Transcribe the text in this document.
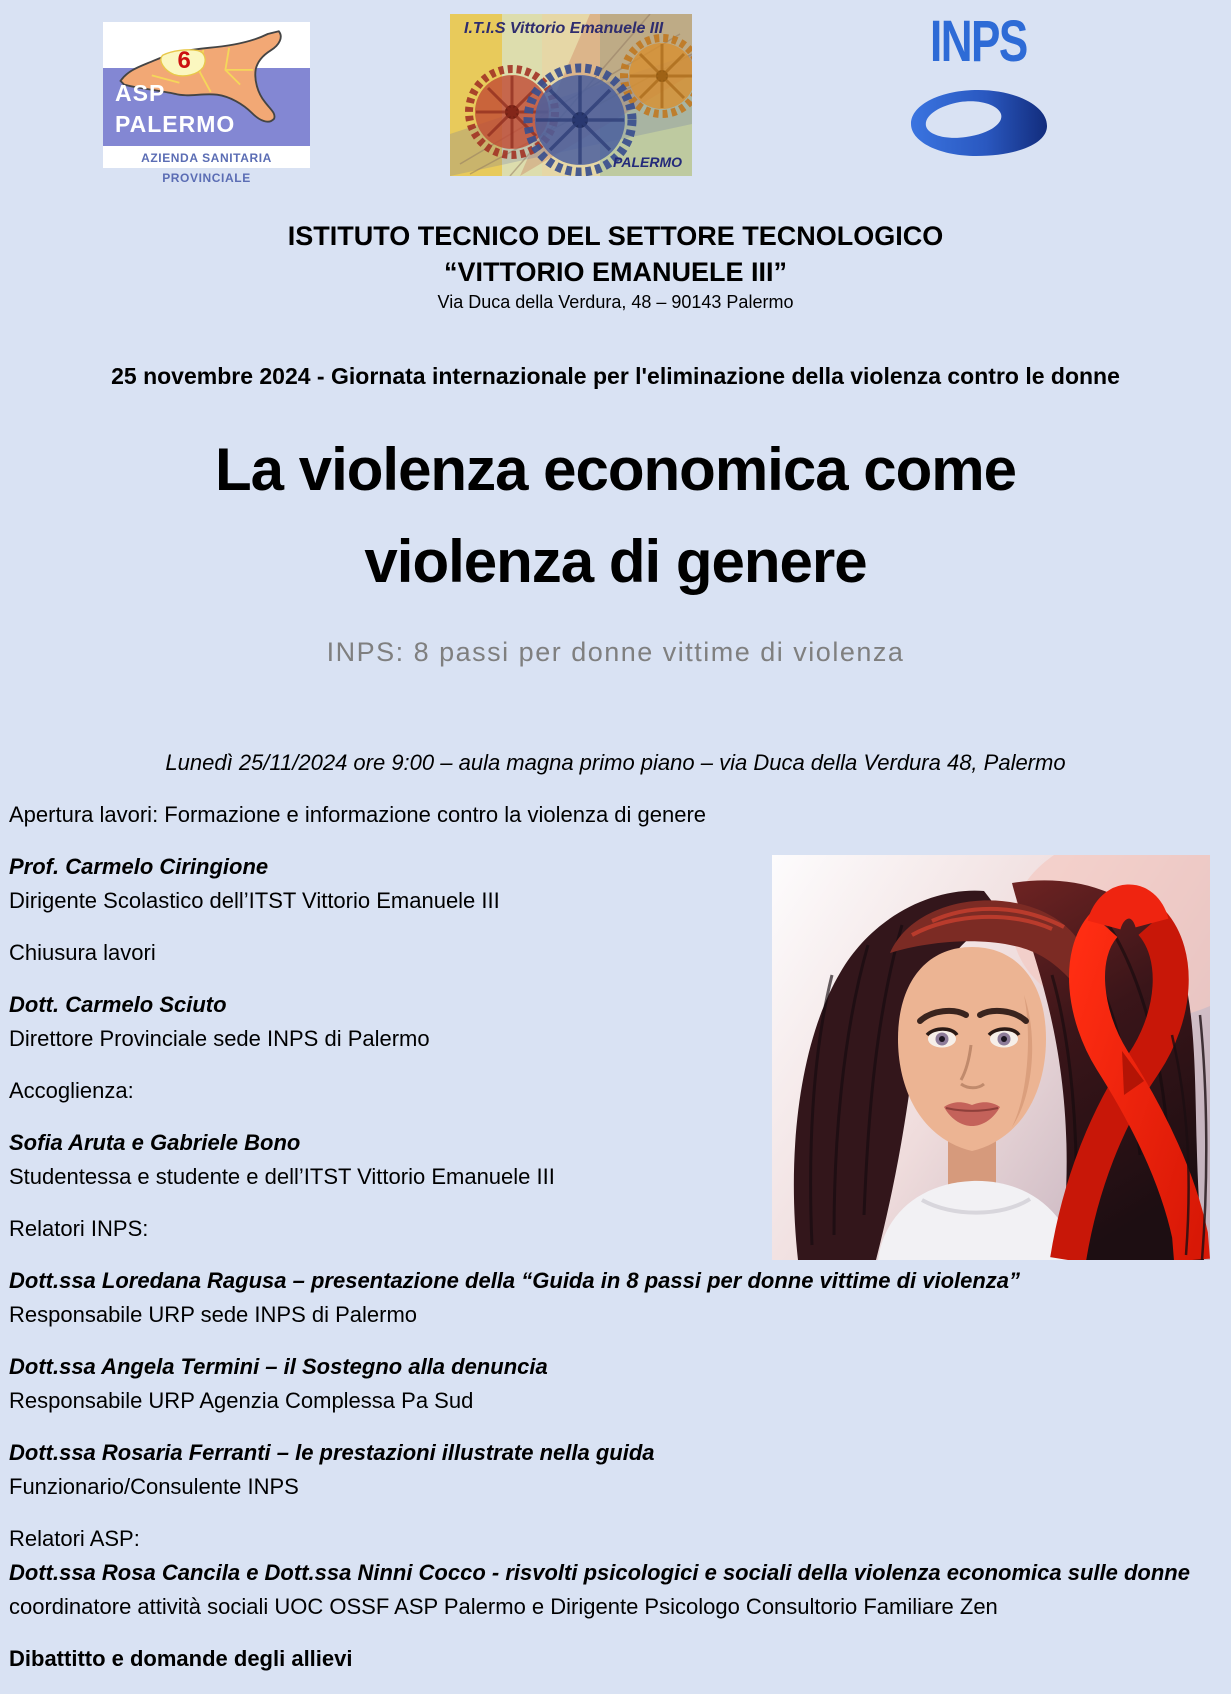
6
ASP
PALERMO
AZIENDA SANITARIA PROVINCIALE
I.T.I.S Vittorio Emanuele III
PALERMO
INPS

ISTITUTO TECNICO DEL SETTORE TECNOLOGICO

“VITTORIO EMANUELE III”

Via Duca della Verdura, 48 – 90143 Palermo

25 novembre 2024 - Giornata internazionale per l'eliminazione della violenza contro le donne

La violenza economica come
violenza di genere

INPS: 8 passi per donne vittime di violenza

Lunedì 25/11/2024 ore 9:00 – aula magna primo piano – via Duca della Verdura 48, Palermo

Apertura lavori: Formazione e informazione contro la violenza di genere

Prof. Carmelo Ciringione

Dirigente Scolastico dell’ITST Vittorio Emanuele III

Chiusura lavori

Dott. Carmelo Sciuto

Direttore Provinciale sede INPS di Palermo

Accoglienza:

Sofia Aruta e Gabriele Bono

Studentessa e studente e dell’ITST Vittorio Emanuele III

Relatori INPS:

Dott.ssa Loredana Ragusa – presentazione della “Guida in 8 passi per donne vittime di violenza”

Responsabile URP sede INPS di Palermo

Dott.ssa Angela Termini – il Sostegno alla denuncia

Responsabile URP Agenzia Complessa Pa Sud

Dott.ssa Rosaria Ferranti – le prestazioni illustrate nella guida

Funzionario/Consulente INPS

Relatori ASP:

Dott.ssa Rosa Cancila e Dott.ssa Ninni Cocco - risvolti psicologici e sociali della violenza economica sulle donne

coordinatore attività sociali UOC OSSF ASP Palermo e Dirigente Psicologo Consultorio Familiare Zen

Dibattitto e domande degli allievi
